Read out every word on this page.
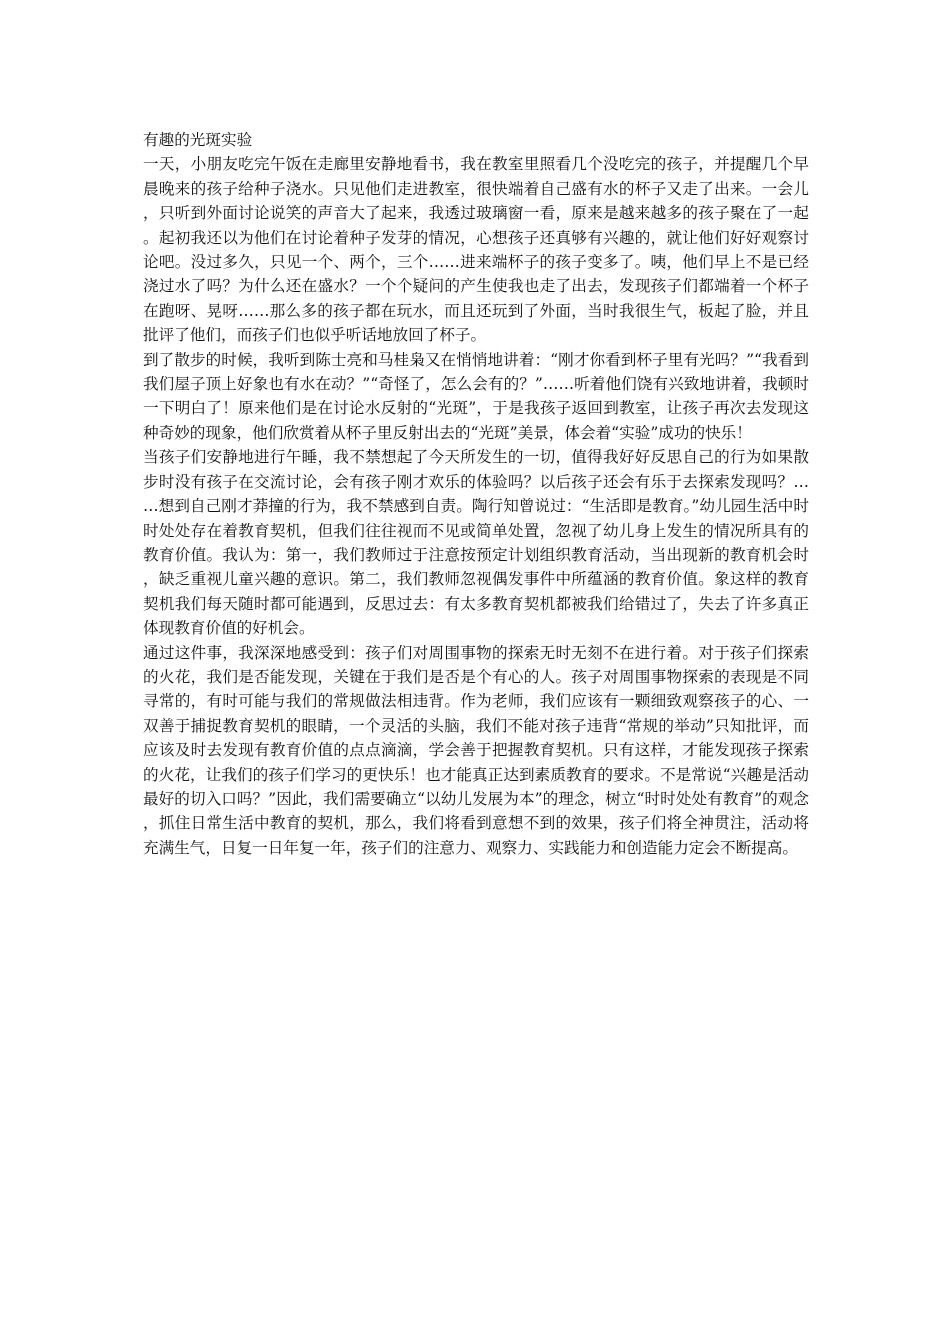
有趣的光斑实验

一天，小朋友吃完午饭在走廊里安静地看书，我在教室里照看几个没吃完的孩子，并提醒几个早晨晚来的孩子给种子浇水。只见他们走进教室，很快端着自己盛有水的杯子又走了出来。一会儿，只听到外面讨论说笑的声音大了起来，我透过玻璃窗一看，原来是越来越多的孩子聚在了一起。起初我还以为他们在讨论着种子发芽的情况，心想孩子还真够有兴趣的，就让他们好好观察讨论吧。没过多久，只见一个、两个，三个……进来端杯子的孩子变多了。咦，他们早上不是已经浇过水了吗？为什么还在盛水？一个个疑问的产生使我也走了出去，发现孩子们都端着一个杯子在跑呀、晃呀……那么多的孩子都在玩水，而且还玩到了外面，当时我很生气，板起了脸，并且批评了他们，而孩子们也似乎听话地放回了杯子。

到了散步的时候，我听到陈士亮和马桂枭又在悄悄地讲着：“刚才你看到杯子里有光吗？”“我看到我们屋子顶上好象也有水在动？”“奇怪了，怎么会有的？”……听着他们饶有兴致地讲着，我顿时一下明白了！原来他们是在讨论水反射的“光斑”，于是我孩子返回到教室，让孩子再次去发现这种奇妙的现象，他们欣赏着从杯子里反射出去的“光斑”美景，体会着“实验”成功的快乐！

当孩子们安静地进行午睡，我不禁想起了今天所发生的一切，值得我好好反思自己的行为如果散步时没有孩子在交流讨论，会有孩子刚才欢乐的体验吗？以后孩子还会有乐于去探索发现吗？……想到自己刚才莽撞的行为，我不禁感到自责。陶行知曾说过：“生活即是教育。”幼儿园生活中时时处处存在着教育契机，但我们往往视而不见或简单处置，忽视了幼儿身上发生的情况所具有的教育价值。我认为：第一，我们教师过于注意按预定计划组织教育活动，当出现新的教育机会时，缺乏重视儿童兴趣的意识。第二，我们教师忽视偶发事件中所蕴涵的教育价值。象这样的教育契机我们每天随时都可能遇到，反思过去：有太多教育契机都被我们给错过了，失去了许多真正体现教育价值的好机会。

通过这件事，我深深地感受到：孩子们对周围事物的探索无时无刻不在进行着。对于孩子们探索的火花，我们是否能发现，关键在于我们是否是个有心的人。孩子对周围事物探索的表现是不同寻常的，有时可能与我们的常规做法相违背。作为老师，我们应该有一颗细致观察孩子的心、一双善于捕捉教育契机的眼睛，一个灵活的头脑，我们不能对孩子违背“常规的举动”只知批评，而应该及时去发现有教育价值的点点滴滴，学会善于把握教育契机。只有这样，才能发现孩子探索的火花，让我们的孩子们学习的更快乐！也才能真正达到素质教育的要求。不是常说“兴趣是活动最好的切入口吗？”因此，我们需要确立“以幼儿发展为本”的理念，树立“时时处处有教育”的观念，抓住日常生活中教育的契机，那么，我们将看到意想不到的效果，孩子们将全神贯注，活动将充满生气，日复一日年复一年，孩子们的注意力、观察力、实践能力和创造能力定会不断提高。
